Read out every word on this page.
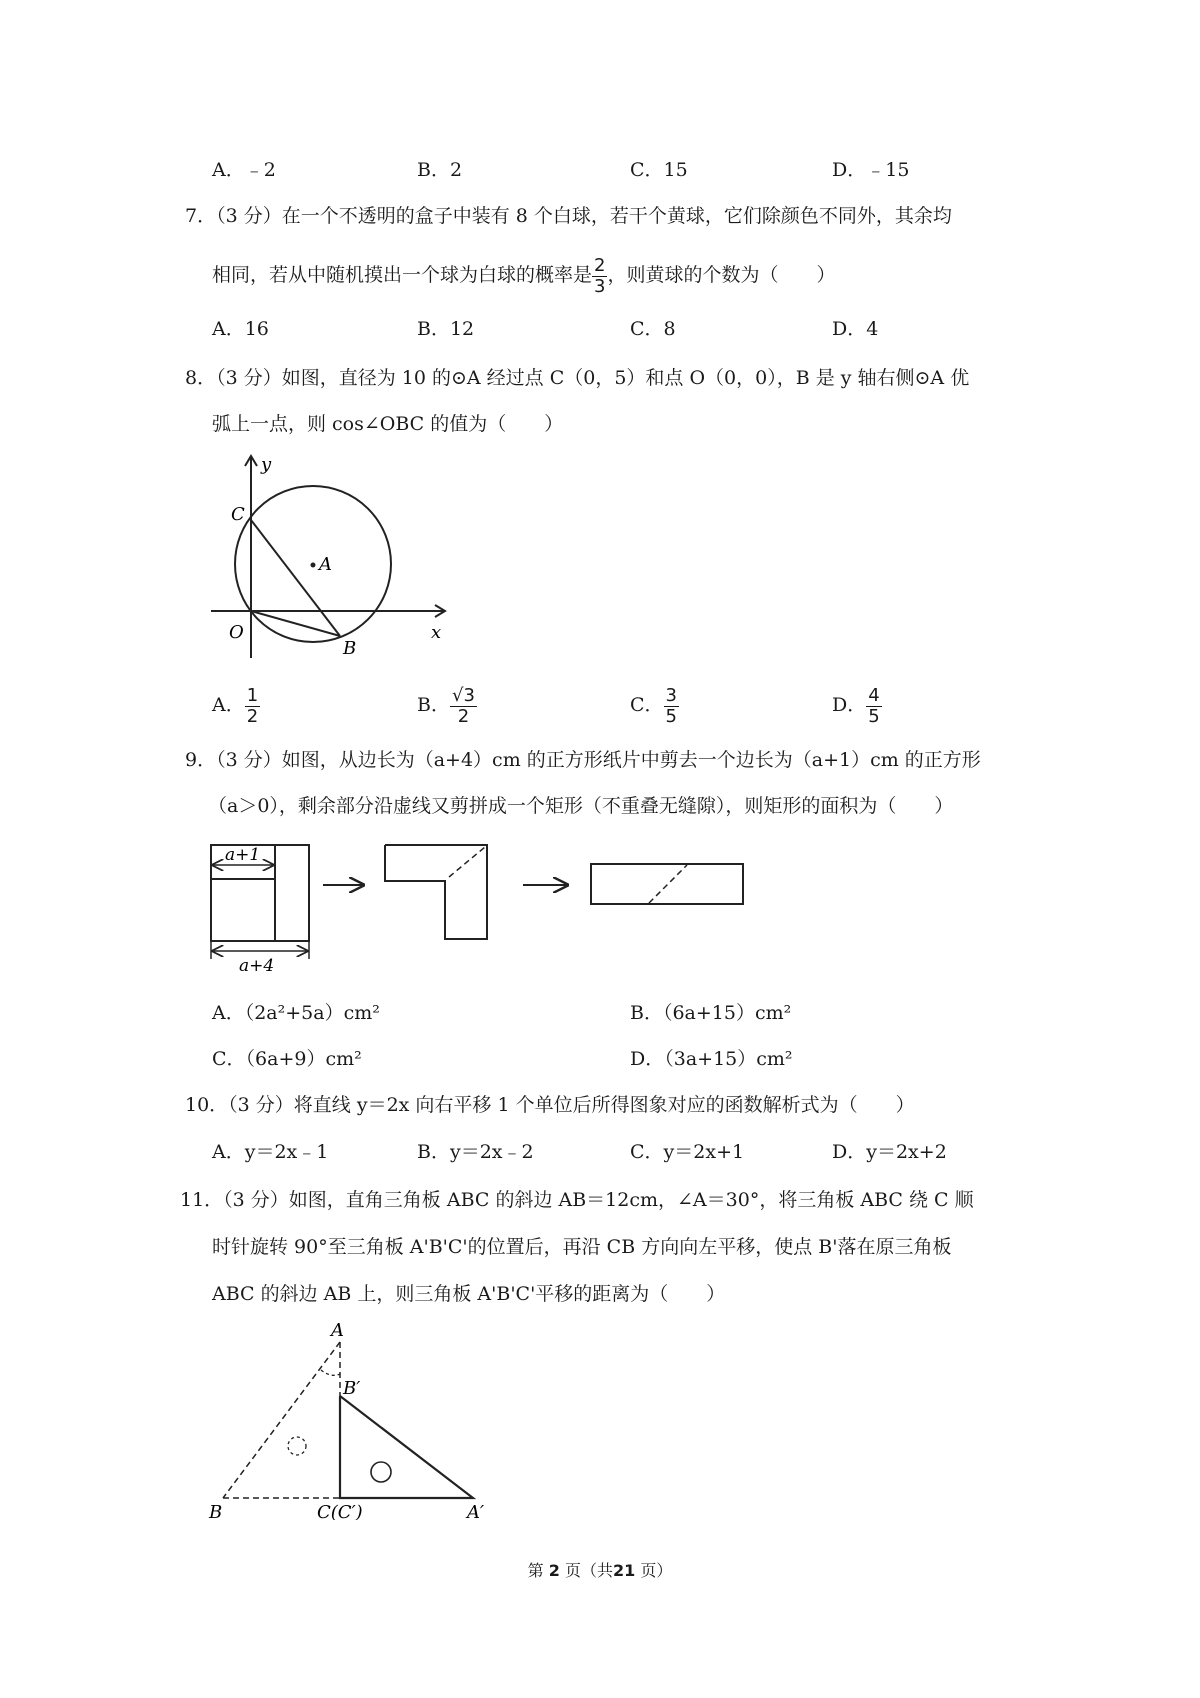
A．﹣2	B．2	C．15	D．﹣15
7．（3 分）在一个不透明的盒子中装有 8 个白球，若干个黄球，它们除颜色不同外，其余均
相同，若从中随机摸出一个球为白球的概率是 $\frac{2}{3}$ ，则黄球的个数为（　　）
A．16	B．12	C．8	D．4
8．（3 分）如图，直径为 10 的⊙A 经过点 C（0，5）和点 O（0，0），B 是 y 轴右侧⊙A 优
弧上一点，则 cos∠OBC 的值为（　　）
y
x
C
A
O
B
A． $\frac{1}{2}$	B． $\frac{√3}{2}$	C． $\frac{3}{5}$	D． $\frac{4}{5}$
9．（3 分）如图，从边长为（a+4）cm 的正方形纸片中剪去一个边长为（a+1）cm 的正方形
（a＞0），剩余部分沿虚线又剪拼成一个矩形（不重叠无缝隙），则矩形的面积为（　　）
a+1
a+4
A．（2a²+5a）cm²	B．（6a+15）cm²
C．（6a+9）cm²	D．（3a+15）cm²
10．（3 分）将直线 y＝2x 向右平移 1 个单位后所得图象对应的函数解析式为（　　）
A．y＝2x﹣1	B．y＝2x﹣2	C．y＝2x+1	D．y＝2x+2
11．（3 分）如图，直角三角板 ABC 的斜边 AB＝12cm，∠A＝30°，将三角板 ABC 绕 C 顺
时针旋转 90°至三角板 A'B'C'的位置后，再沿 CB 方向向左平移，使点 B'落在原三角板
ABC 的斜边 AB 上，则三角板 A'B'C'平移的距离为（　　）
A
B′
B	C(C′)	A′
第 2 页（共21 页）
